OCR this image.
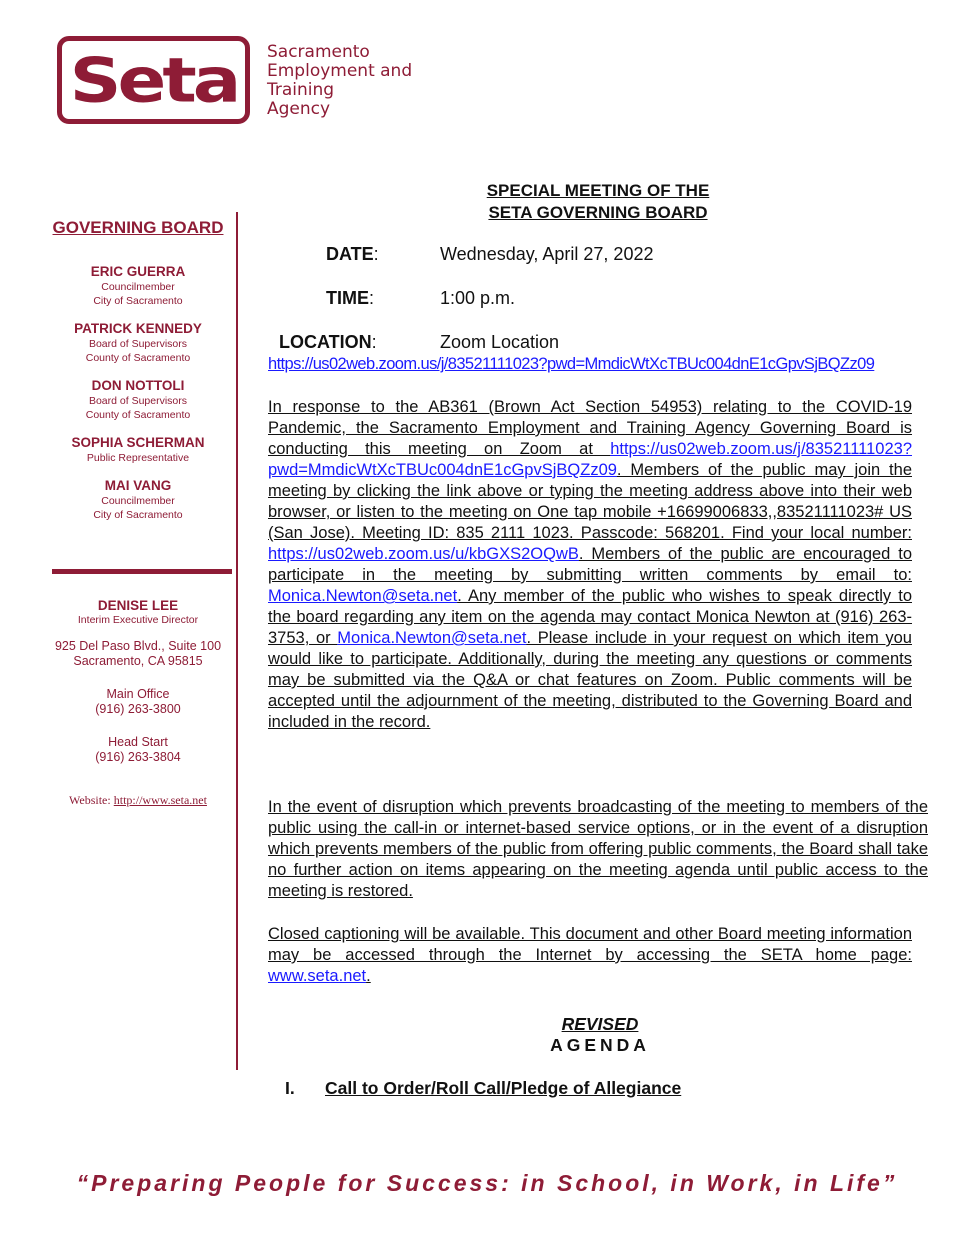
Seta Sacramento
Employment and
Training
Agency
GOVERNING BOARD
ERIC GUERRA
Councilmember
City of Sacramento
PATRICK KENNEDY
Board of Supervisors
County of Sacramento
DON NOTTOLI
Board of Supervisors
County of Sacramento
SOPHIA SCHERMAN
Public Representative
MAI VANG
Councilmember
City of Sacramento
DENISE LEE
Interim Executive Director
925 Del Paso Blvd., Suite 100
Sacramento, CA 95815
Main Office
(916) 263-3800
Head Start
(916) 263-3804
Website: http://www.seta.net
SPECIAL MEETING OF THE
SETA GOVERNING BOARD
DATE:	Wednesday, April 27, 2022
TIME:	1:00 p.m.
LOCATION:	Zoom Location
https://us02web.zoom.us/j/83521111023?pwd=MmdicWtXcTBUc004dnE1cGpvSjBQZz09
In response to the AB361 (Brown Act Section 54953) relating to the COVID-19 Pandemic, the Sacramento Employment and Training Agency Governing Board is conducting this meeting on Zoom at https://us02web.zoom.us/j/83521111023?pwd=MmdicWtXcTBUc004dnE1cGpvSjBQZz09. Members of the public may join the meeting by clicking the link above or typing the meeting address above into their web browser, or listen to the meeting on One tap mobile +16699006833,,83521111023# US (San Jose). Meeting ID: 835 2111 1023. Passcode: 568201. Find your local number: https://us02web.zoom.us/u/kbGXS2OQwB. Members of the public are encouraged to participate in the meeting by submitting written comments by email to: Monica.Newton@seta.net. Any member of the public who wishes to speak directly to the board regarding any item on the agenda may contact Monica Newton at (916) 263-3753, or Monica.Newton@seta.net. Please include in your request on which item you would like to participate. Additionally, during the meeting any questions or comments may be submitted via the Q&A or chat features on Zoom. Public comments will be accepted until the adjournment of the meeting, distributed to the Governing Board and included in the record.
In the event of disruption which prevents broadcasting of the meeting to members of the public using the call-in or internet-based service options, or in the event of a disruption which prevents members of the public from offering public comments, the Board shall take no further action on items appearing on the meeting agenda until public access to the meeting is restored.
Closed captioning will be available. This document and other Board meeting information may be accessed through the Internet by accessing the SETA home page: www.seta.net.
REVISED
AGENDA
I. Call to Order/Roll Call/Pledge of Allegiance
“Preparing People for Success: in School, in Work, in Life”
